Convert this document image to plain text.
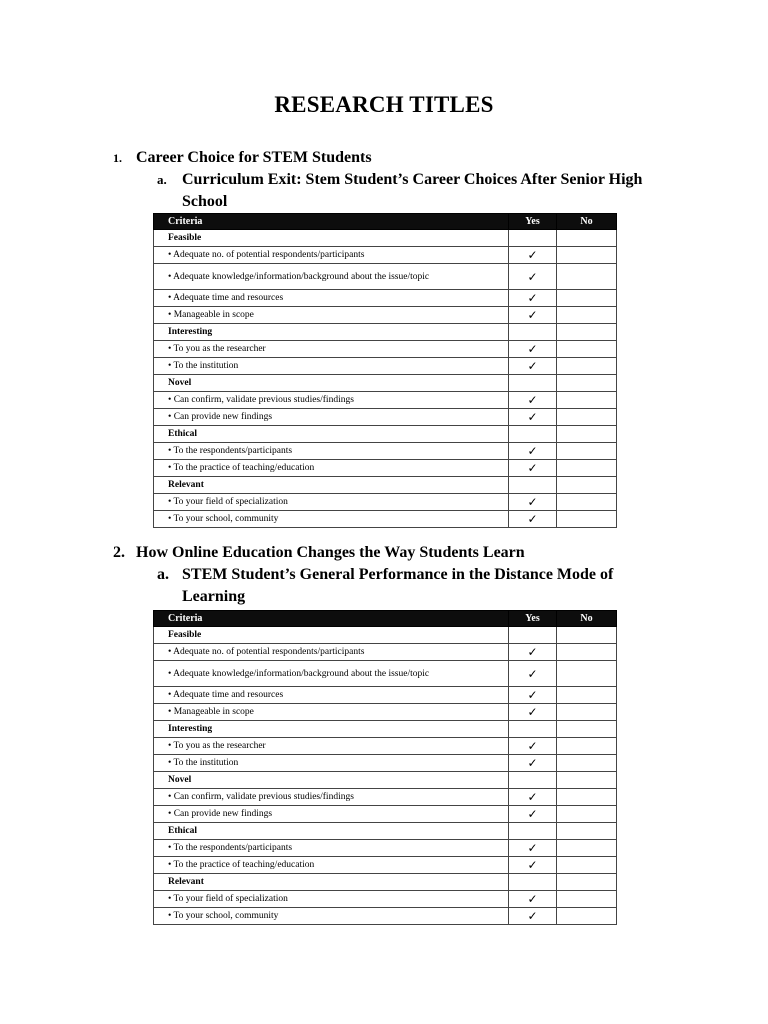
RESEARCH TITLES
1. Career Choice for STEM Students
a. Curriculum Exit: Stem Student’s Career Choices After Senior High School
Criteria	Yes	No
Feasible		
• Adequate no. of potential respondents/participants	✓	
• Adequate knowledge/information/background about the issue/topic	✓	
• Adequate time and resources	✓	
• Manageable in scope	✓	
Interesting		
• To you as the researcher	✓	
• To the institution	✓	
Novel		
• Can confirm, validate previous studies/findings	✓	
• Can provide new findings	✓	
Ethical		
• To the respondents/participants	✓	
• To the practice of teaching/education	✓	
Relevant		
• To your field of specialization	✓	
• To your school, community	✓	
2. How Online Education Changes the Way Students Learn
a. STEM Student’s General Performance in the Distance Mode of Learning
Criteria	Yes	No
Feasible		
• Adequate no. of potential respondents/participants	✓	
• Adequate knowledge/information/background about the issue/topic	✓	
• Adequate time and resources	✓	
• Manageable in scope	✓	
Interesting		
• To you as the researcher	✓	
• To the institution	✓	
Novel		
• Can confirm, validate previous studies/findings	✓	
• Can provide new findings	✓	
Ethical		
• To the respondents/participants	✓	
• To the practice of teaching/education	✓	
Relevant		
• To your field of specialization	✓	
• To your school, community	✓	
